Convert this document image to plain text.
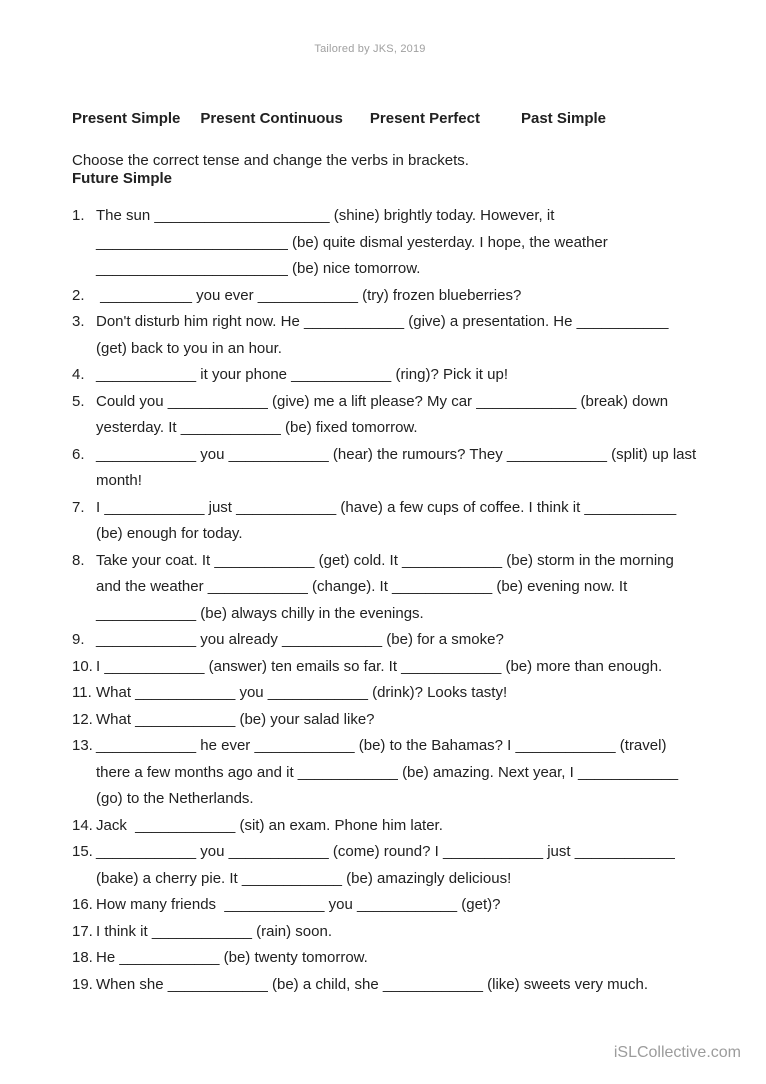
Tailored by JKS, 2019

Present Simple Present Continuous Present Perfect	Past Simple

Future Simple

Choose the correct tense and change the verbs in brackets.
1. The sun _____________________ (shine) brightly today. However, it
_______________________ (be) quite dismal yesterday. I hope, the weather
_______________________ (be) nice tomorrow.
2. ___________ you ever ____________ (try) frozen blueberries?
3. Don't disturb him right now. He ____________ (give) a presentation. He ___________
(get) back to you in an hour.
4. ____________ it your phone ____________ (ring)? Pick it up!
5. Could you ____________ (give) me a lift please? My car ____________ (break) down
yesterday. It ____________ (be) fixed tomorrow.
6. ____________ you ____________ (hear) the rumours? They ____________ (split) up last
month!
7. I ____________ just ____________ (have) a few cups of coffee. I think it ___________
(be) enough for today.
8. Take your coat. It ____________ (get) cold. It ____________ (be) storm in the morning
and the weather ____________ (change). It ____________ (be) evening now. It
____________ (be) always chilly in the evenings.
9. ____________ you already ____________ (be) for a smoke?
10. I ____________ (answer) ten emails so far. It ____________ (be) more than enough.
11. What ____________ you ____________ (drink)? Looks tasty!
12. What ____________ (be) your salad like?
13. ____________ he ever ____________ (be) to the Bahamas? I ____________ (travel)
there a few months ago and it ____________ (be) amazing. Next year, I ____________
(go) to the Netherlands.
14. Jack  ____________ (sit) an exam. Phone him later.
15. ____________ you ____________ (come) round? I ____________ just ____________
(bake) a cherry pie. It ____________ (be) amazingly delicious!
16. How many friends  ____________ you ____________ (get)?
17. I think it ____________ (rain) soon.
18. He ____________ (be) twenty tomorrow.
19. When she ____________ (be) a child, she ____________ (like) sweets very much.
iSLCollective.com
